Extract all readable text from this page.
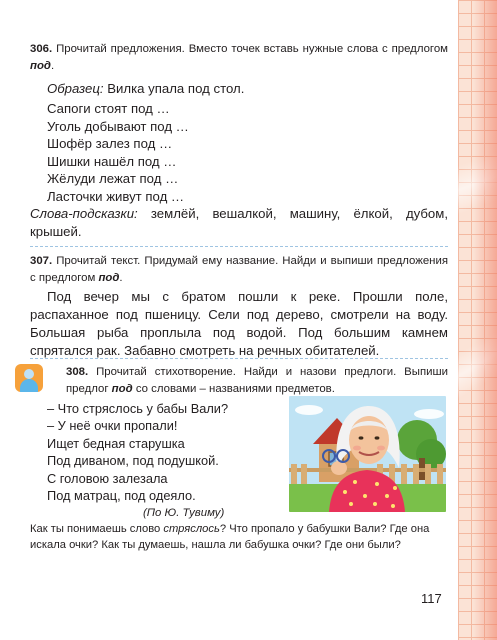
306. Прочитай предложения. Вместо точек вставь нужные слова с предлогом под.
Образец: Вилка упала под стол.
Сапоги стоят под …
Уголь добывают под …
Шофёр залез под …
Шишки нашёл под …
Жёлуди лежат под …
Ласточки живут под …
Слова-подсказки: землёй, вешалкой, машину, ёлкой, дубом, крышей.
307. Прочитай текст. Придумай ему название. Найди и выпиши предложения с предлогом под.
Под вечер мы с братом пошли к реке. Прошли поле, распаханное под пшеницу. Сели под дерево, смотрели на воду. Большая рыба проплыла под водой. Под большим камнем спрятался рак. Забавно смотреть на речных обитателей.
308. Прочитай стихотворение. Найди и назови предлоги. Выпиши предлог под со словами – названиями предметов.
– Что стряслось у бабы Вали?
– У неё очки пропали!
Ищет бедная старушка
Под диваном, под подушкой.
С головою залезала
Под матрац, под одеяло.
(По Ю. Тувиму)
Как ты понимаешь слово стряслось? Что пропало у бабушки Вали? Где она искала очки? Как ты думаешь, нашла ли бабушка очки? Где они были?
117
